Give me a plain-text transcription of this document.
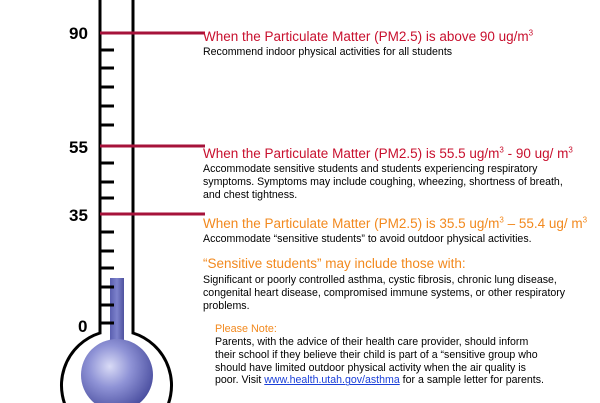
90
55
35
0
When the Particulate Matter (PM2.5) is above 90 $ug/m^3$
Recommend indoor physical activities for all students
When the Particulate Matter (PM2.5) is 55.5 $ug/m^3 - 90$ ug/ $m^3$
Accommodate sensitive students and students experiencing respiratory
symptoms. Symptoms may include coughing, wheezing, shortness of breath,
and chest tightness.
When the Particulate Matter (PM2.5) is 35.5 $ug/m^3 - 55.4$ ug/ $m^3$
Accommodate “sensitive students” to avoid outdoor physical activities.
“Sensitive students” may include those with:
Significant or poorly controlled asthma, cystic fibrosis, chronic lung disease,
congenital heart disease, compromised immune systems, or other respiratory
problems.
Please Note:
Parents, with the advice of their health care provider, should inform
their school if they believe their child is part of a “sensitive group who
should have limited outdoor physical activity when the air quality is
poor. Visit www.health.utah.gov/asthma for a sample letter for parents.
